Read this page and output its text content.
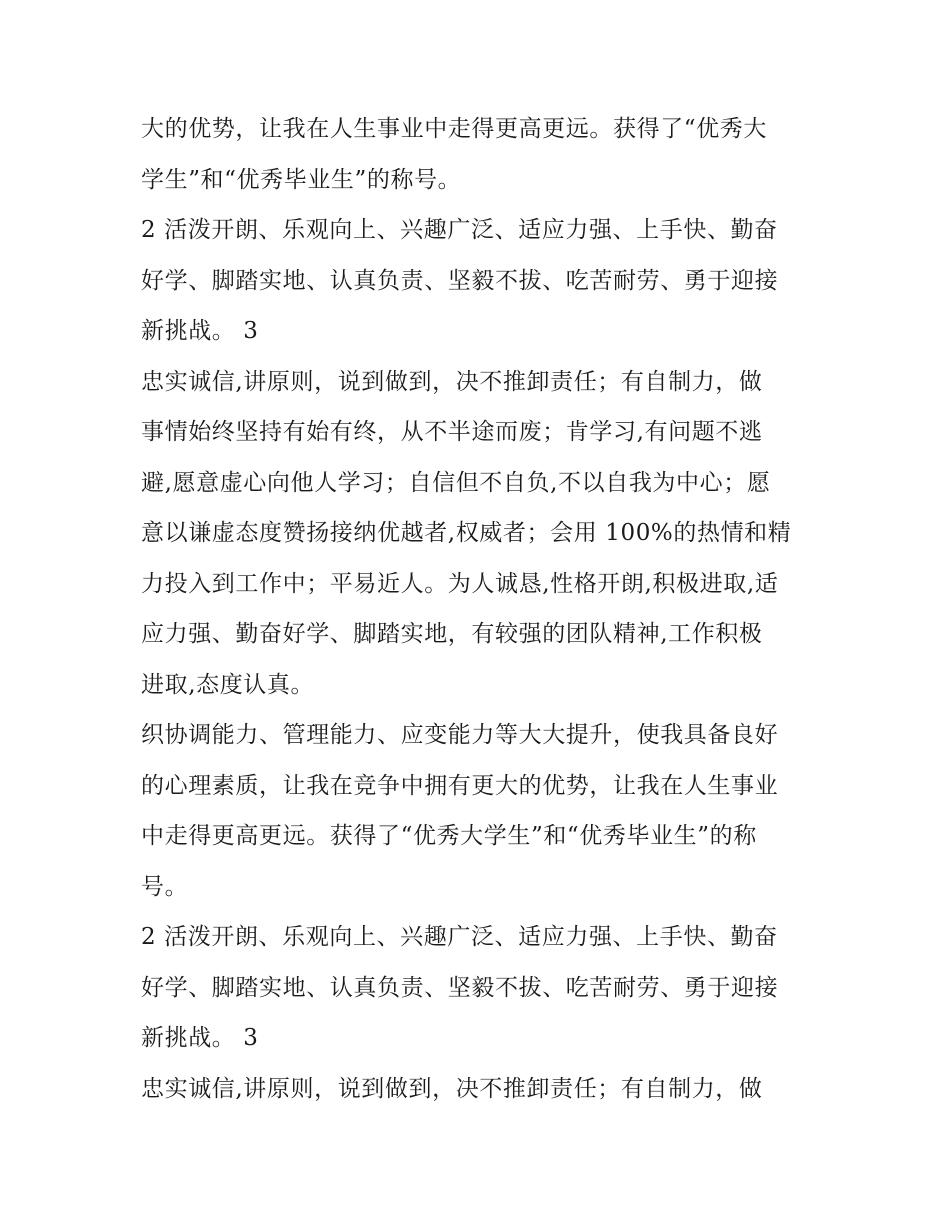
大的优势，让我在人生事业中走得更高更远。获得了“优秀大
学生”和“优秀毕业生”的称号。
2 活泼开朗、乐观向上、兴趣广泛、适应力强、上手快、勤奋
好学、脚踏实地、认真负责、坚毅不拔、吃苦耐劳、勇于迎接
新挑战。 3
忠实诚信,讲原则，说到做到，决不推卸责任；有自制力，做
事情始终坚持有始有终，从不半途而废；肯学习,有问题不逃
避,愿意虚心向他人学习；自信但不自负,不以自我为中心；愿
意以谦虚态度赞扬接纳优越者,权威者；会用 100%的热情和精
力投入到工作中；平易近人。为人诚恳,性格开朗,积极进取,适
应力强、勤奋好学、脚踏实地，有较强的团队精神,工作积极
进取,态度认真。
织协调能力、管理能力、应变能力等大大提升，使我具备良好
的心理素质，让我在竞争中拥有更大的优势，让我在人生事业
中走得更高更远。获得了“优秀大学生”和“优秀毕业生”的称
号。
2 活泼开朗、乐观向上、兴趣广泛、适应力强、上手快、勤奋
好学、脚踏实地、认真负责、坚毅不拔、吃苦耐劳、勇于迎接
新挑战。 3
忠实诚信,讲原则，说到做到，决不推卸责任；有自制力，做
